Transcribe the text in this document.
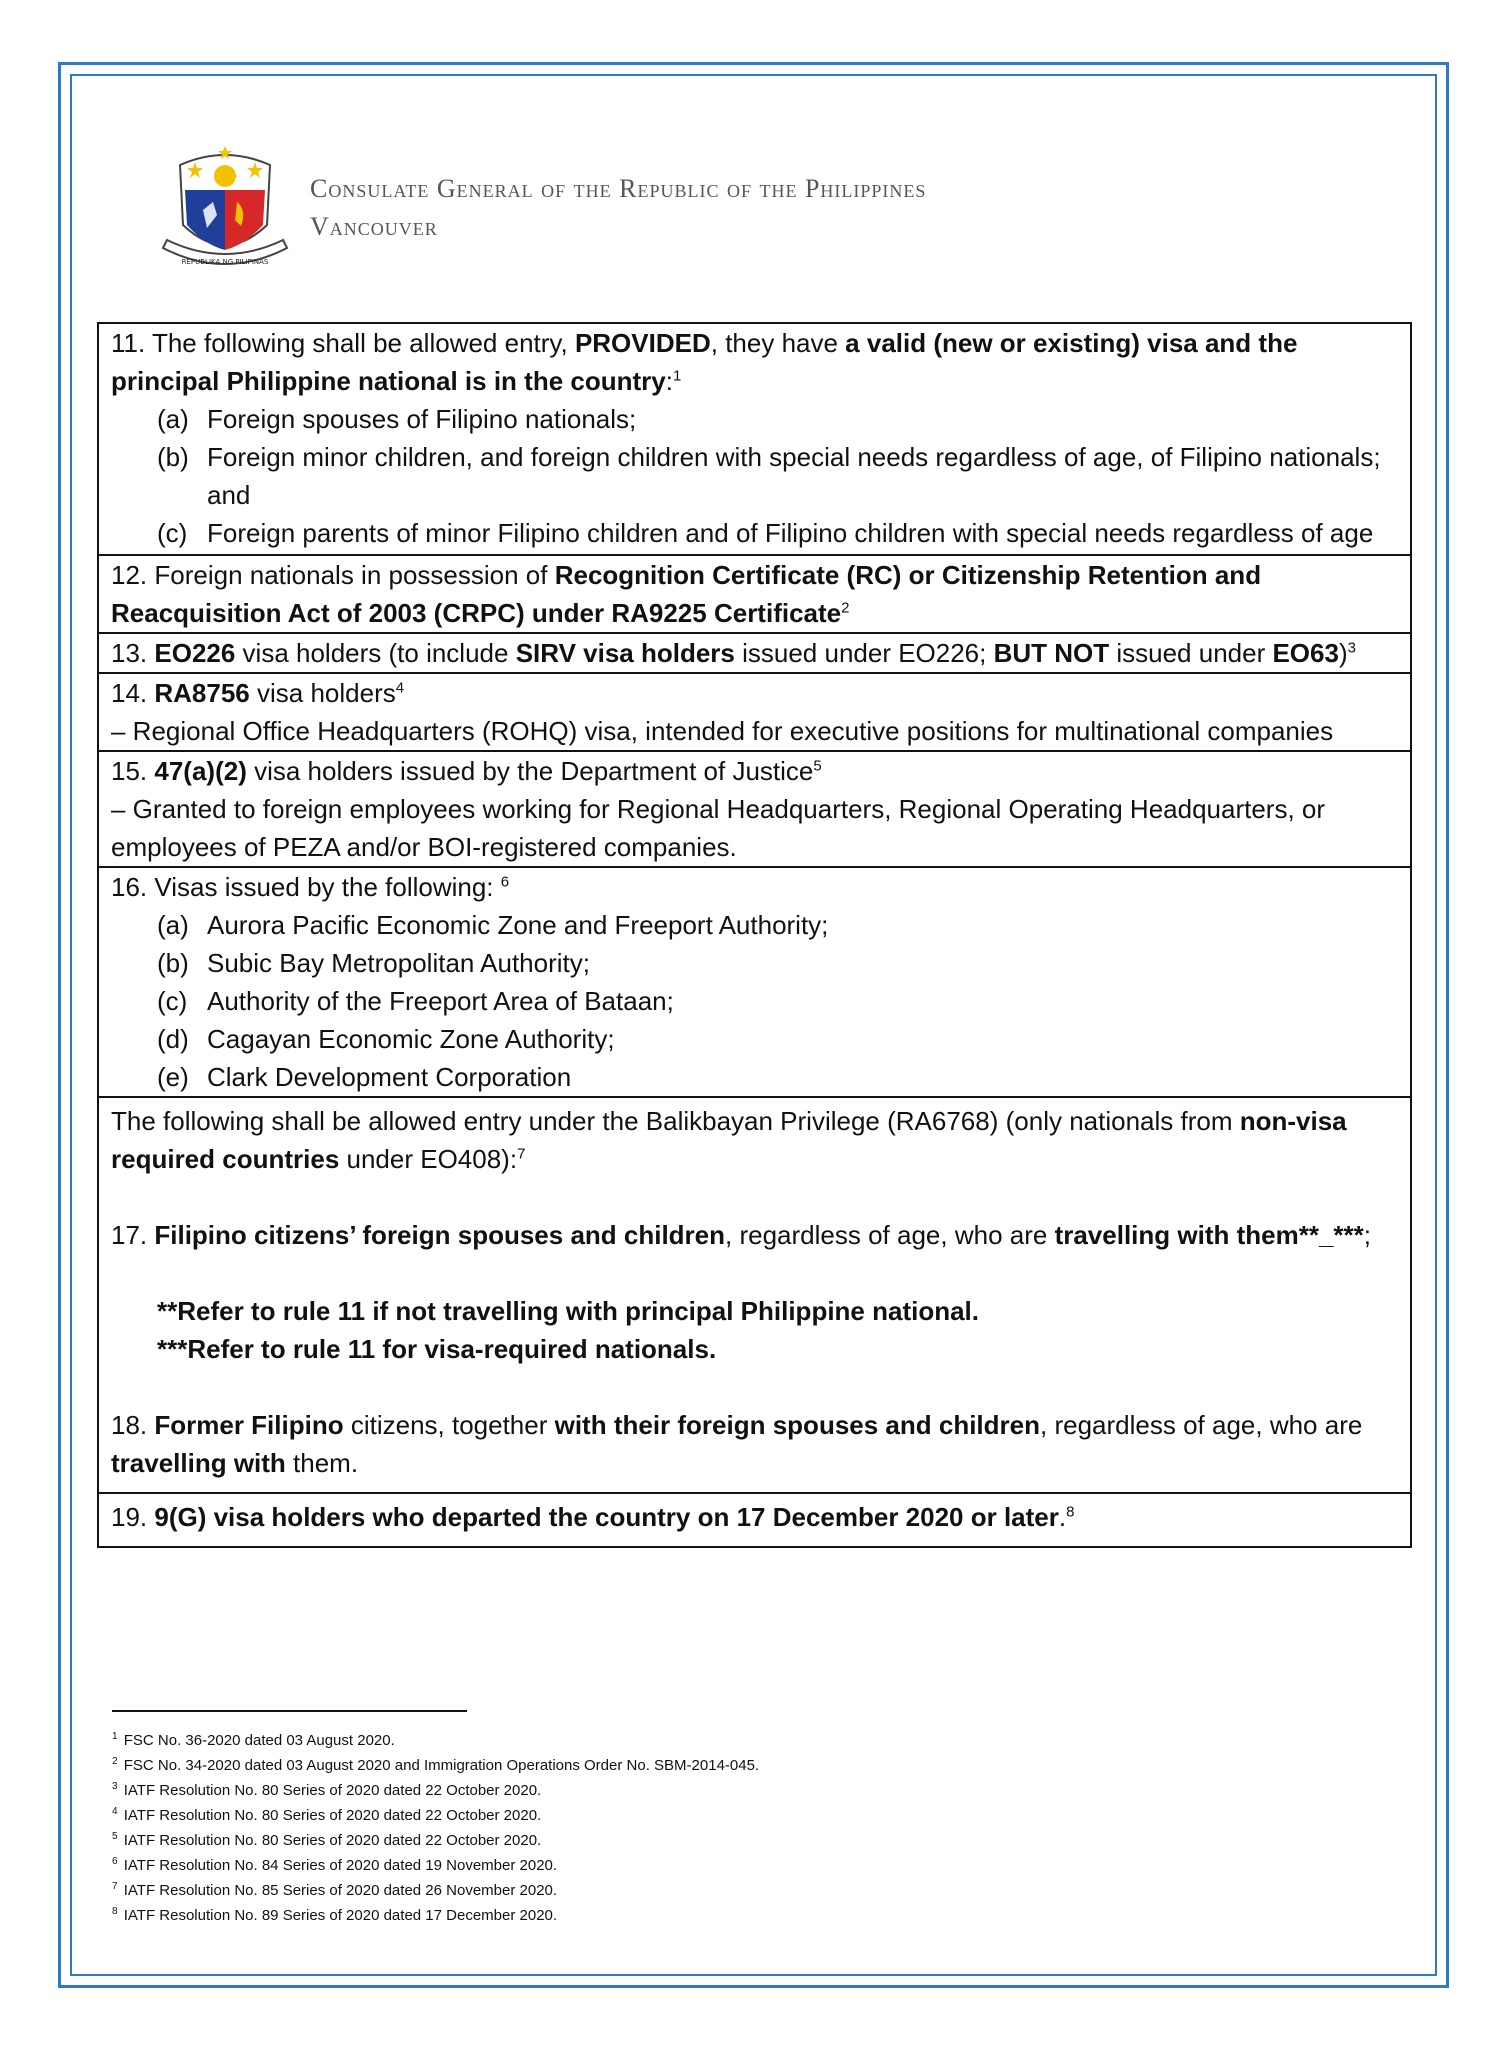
REPUBLIKA NG PILIPINAS
Consulate General of the Republic of the Philippines
Vancouver
11. The following shall be allowed entry, PROVIDED, they have a valid (new or existing) visa and the principal Philippine national is in the country:$^1$
(a) Foreign spouses of Filipino nationals;
(b) Foreign minor children, and foreign children with special needs regardless of age, of Filipino nationals; and
(c) Foreign parents of minor Filipino children and of Filipino children with special needs regardless of age

12. Foreign nationals in possession of Recognition Certificate (RC) or Citizenship Retention and Reacquisition Act of 2003 (CRPC) under RA9225 Certificate$^2$
13. EO226 visa holders (to include SIRV visa holders issued under EO226; BUT NOT issued under EO63)$^3$

14. RA8756 visa holders$^4$
– Regional Office Headquarters (ROHQ) visa, intended for executive positions for multinational companies

15. 47(a)(2) visa holders issued by the Department of Justice$^5$
– Granted to foreign employees working for Regional Headquarters, Regional Operating Headquarters, or employees of PEZA and/or BOI-registered companies.

16. Visas issued by the following: $^6$
(a) Aurora Pacific Economic Zone and Freeport Authority;
(b) Subic Bay Metropolitan Authority;
(c) Authority of the Freeport Area of Bataan;
(d) Cagayan Economic Zone Authority;
(e) Clark Development Corporation

The following shall be allowed entry under the Balikbayan Privilege (RA6768) (only nationals from non-visa required countries under EO408):$^7$
17. Filipino citizens’ foreign spouses and children, regardless of age, who are travelling with them**_***;
**Refer to rule 11 if not travelling with principal Philippine national.
***Refer to rule 11 for visa-required nationals.
18. Former Filipino citizens, together with their foreign spouses and children, regardless of age, who are travelling with them.

19. 9(G) visa holders who departed the country on 17 December 2020 or later.$^8$
$^1$ FSC No. 36-2020 dated 03 August 2020.
$^2$ FSC No. 34-2020 dated 03 August 2020 and Immigration Operations Order No. SBM-2014-045.
$^3$ IATF Resolution No. 80 Series of 2020 dated 22 October 2020.
$^4$ IATF Resolution No. 80 Series of 2020 dated 22 October 2020.
$^5$ IATF Resolution No. 80 Series of 2020 dated 22 October 2020.
$^6$ IATF Resolution No. 84 Series of 2020 dated 19 November 2020.
$^7$ IATF Resolution No. 85 Series of 2020 dated 26 November 2020.
$^8$ IATF Resolution No. 89 Series of 2020 dated 17 December 2020.
